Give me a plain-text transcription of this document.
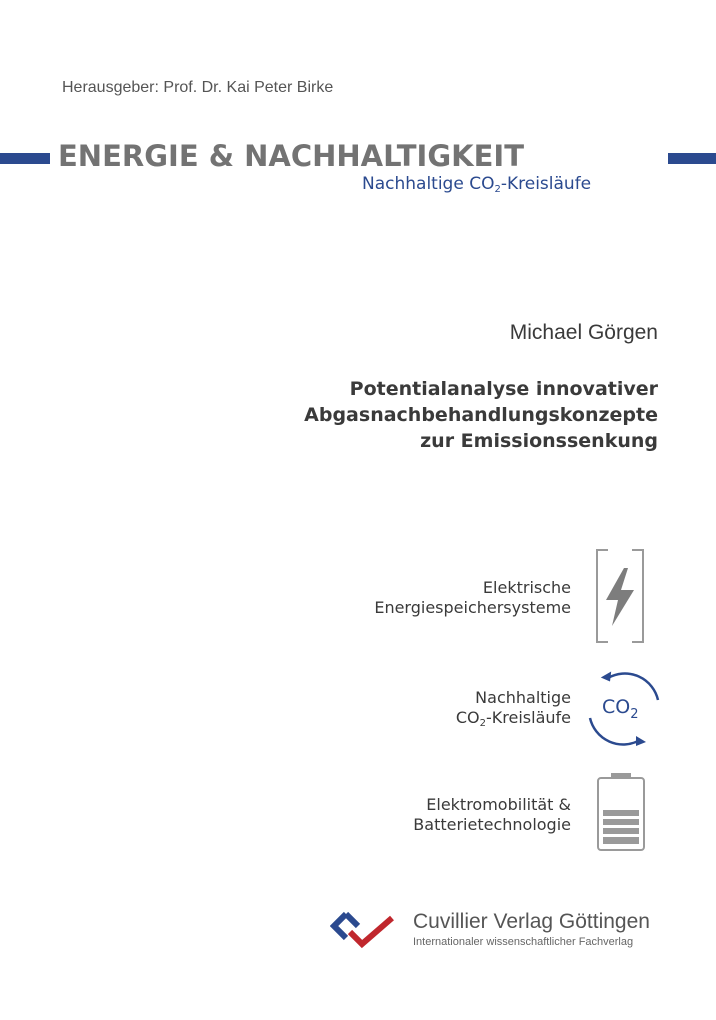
Herausgeber: Prof. Dr. Kai Peter Birke
ENERGIE & NACHHALTIGKEIT
Nachhaltige $CO_2$-Kreisläufe
Michael Görgen
Potentialanalyse innovativer
Abgasnachbehandlungskonzepte
zur Emissionssenkung
Elektrische
Energiespeichersysteme
Nachhaltige
$CO_2$-Kreisläufe $CO_2$
Elektromobilität &
Batterietechnologie
Cuvillier Verlag Göttingen
Internationaler wissenschaftlicher Fachverlag
